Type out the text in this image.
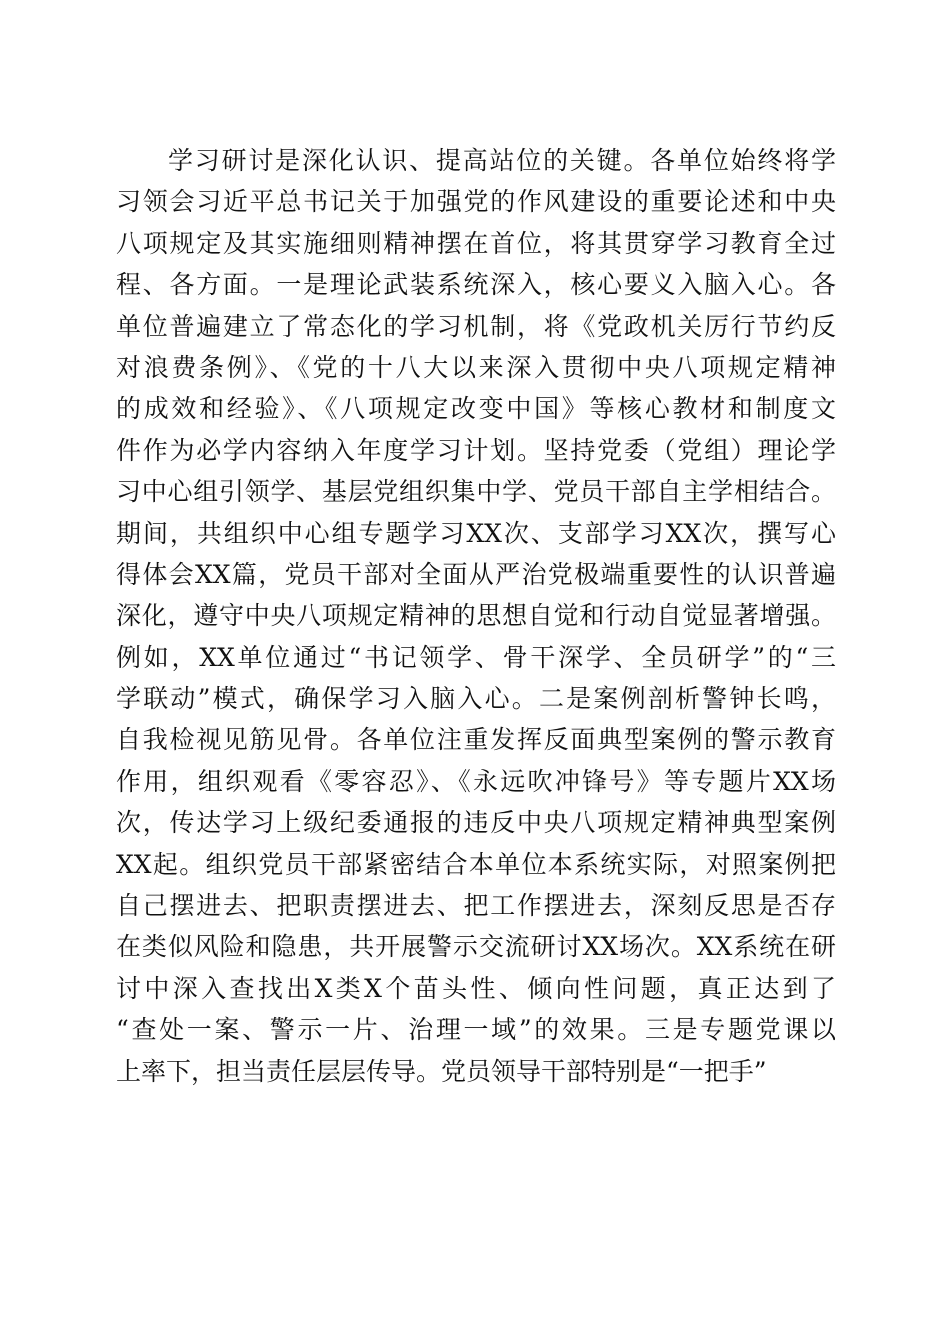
学习研讨是深化认识、提高站位的关键。各单位始终将学
习领会习近平总书记关于加强党的作风建设的重要论述和中央
八项规定及其实施细则精神摆在首位，将其贯穿学习教育全过
程、各方面。一是理论武装系统深入，核心要义入脑入心。各
单位普遍建立了常态化的学习机制，将《党政机关厉行节约反
对浪费条例》、《党的十八大以来深入贯彻中央八项规定精神
的成效和经验》、《八项规定改变中国》等核心教材和制度文
件作为必学内容纳入年度学习计划。坚持党委（党组）理论学
习中心组引领学、基层党组织集中学、党员干部自主学相结合。
期间，共组织中心组专题学习XX次、支部学习XX次，撰写心
得体会XX篇，党员干部对全面从严治党极端重要性的认识普遍
深化，遵守中央八项规定精神的思想自觉和行动自觉显著增强。
例如，XX单位通过“书记领学、骨干深学、全员研学”的“三
学联动”模式，确保学习入脑入心。二是案例剖析警钟长鸣，
自我检视见筋见骨。各单位注重发挥反面典型案例的警示教育
作用，组织观看《零容忍》、《永远吹冲锋号》等专题片XX场
次，传达学习上级纪委通报的违反中央八项规定精神典型案例
XX起。组织党员干部紧密结合本单位本系统实际，对照案例把
自己摆进去、把职责摆进去、把工作摆进去，深刻反思是否存
在类似风险和隐患，共开展警示交流研讨XX场次。XX系统在研
讨中深入查找出X类X个苗头性、倾向性问题，真正达到了
“查处一案、警示一片、治理一域”的效果。三是专题党课以
上率下，担当责任层层传导。党员领导干部特别是“一把手”
